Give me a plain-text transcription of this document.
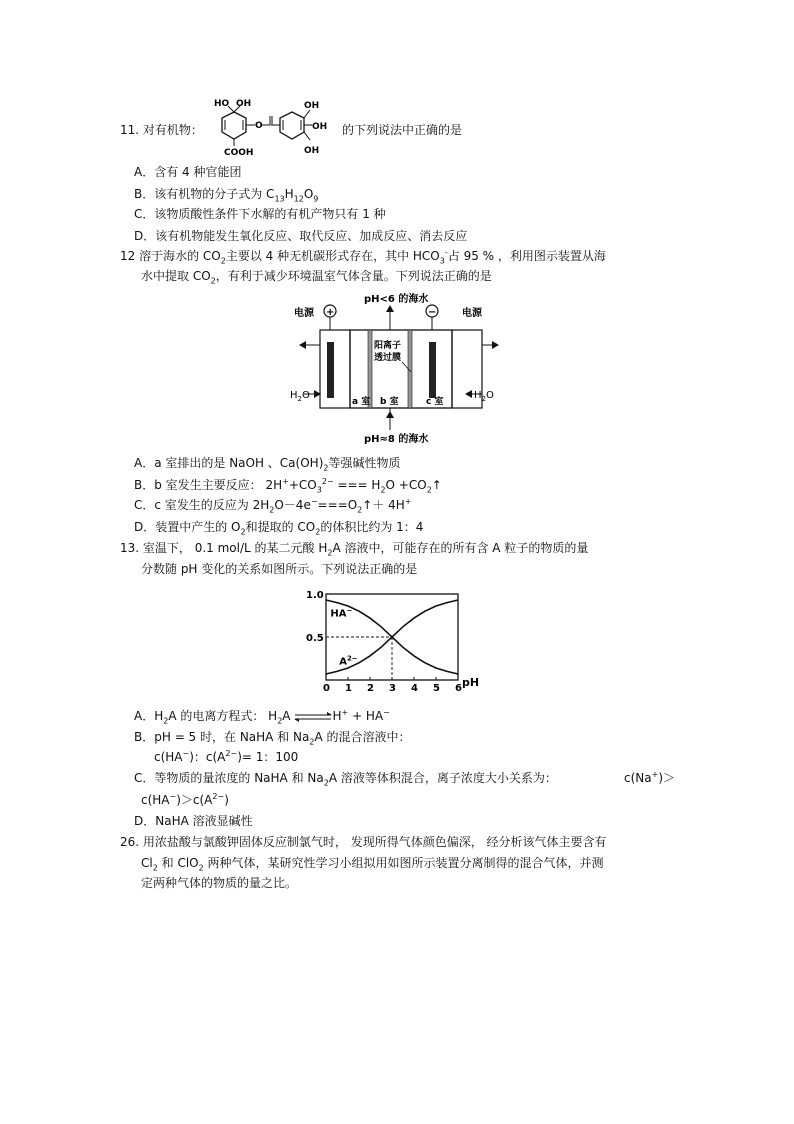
11. 对有机物：
HO OH
COOH
O
OH
OH
OH
的下列说法中正确的是
A．含有 4 种官能团
B．该有机物的分子式为 $C_{13}H_{12}O_9$
C．该物质酸性条件下水解的有机产物只有 1 种
D．该有机物能发生氧化反应、取代反应、加成反应、消去反应
12 溶于海水的 $CO_2$主要以 4 种无机碳形式存在，其中 $HCO_3^-$占 95 % ，利用图示装置从海
水中提取 $CO_2$，有利于减少环境温室气体含量。下列说法正确的是
pH<6 的海水
电源	电源
+	−
阳离子
透过膜
$H_2O$	$H_2O$
a 室 b 室	c 室
pH≈8 的海水
A．a 室排出的是 NaOH 、$Ca(OH)_2$等强碱性物质
B．b 室发生主要反应： $2H^++CO_3^{2-}$ === $H_2O$ $+CO_2↑$
C．c 室发生的反应为 $2H_2O-4e^-===O_2↑+ 4H^+$
D．装置中产生的 $O_2$和提取的 $CO_2$的体积比约为 1：4
13. 室温下， 0.1 mol/L 的某二元酸 $H_2A$ 溶液中，可能存在的所有含 A 粒子的物质的量
分数随 pH 变化的关系如图所示。下列说法正确的是
0 1 2 3 4 5 6
1.0
0.5
pH
HA−
$A^{2-}$
A．$H_2A$ 的电离方程式： $H_2A\rightleftharpoons H^+ + HA^-$
B．pH = 5 时，在 NaHA 和 $Na_2A$ 的混合溶液中：
c(HA−)：$c(A^{2-})= 1$：100
C．等物质的量浓度的 NaHA 和 $Na_2A$ 溶液等体积混合，离子浓度大小关系为：	c(Na+)＞
$c(HA^-)>c(A^{2-})$
D．NaHA 溶液显碱性
26. 用浓盐酸与氯酸钾固体反应制氯气时， 发现所得气体颜色偏深， 经分析该气体主要含有
$Cl_2$ 和 ClO$_2$ 两种气体，某研究性学习小组拟用如图所示装置分离制得的混合气体，并测
定两种气体的物质的量之比。
